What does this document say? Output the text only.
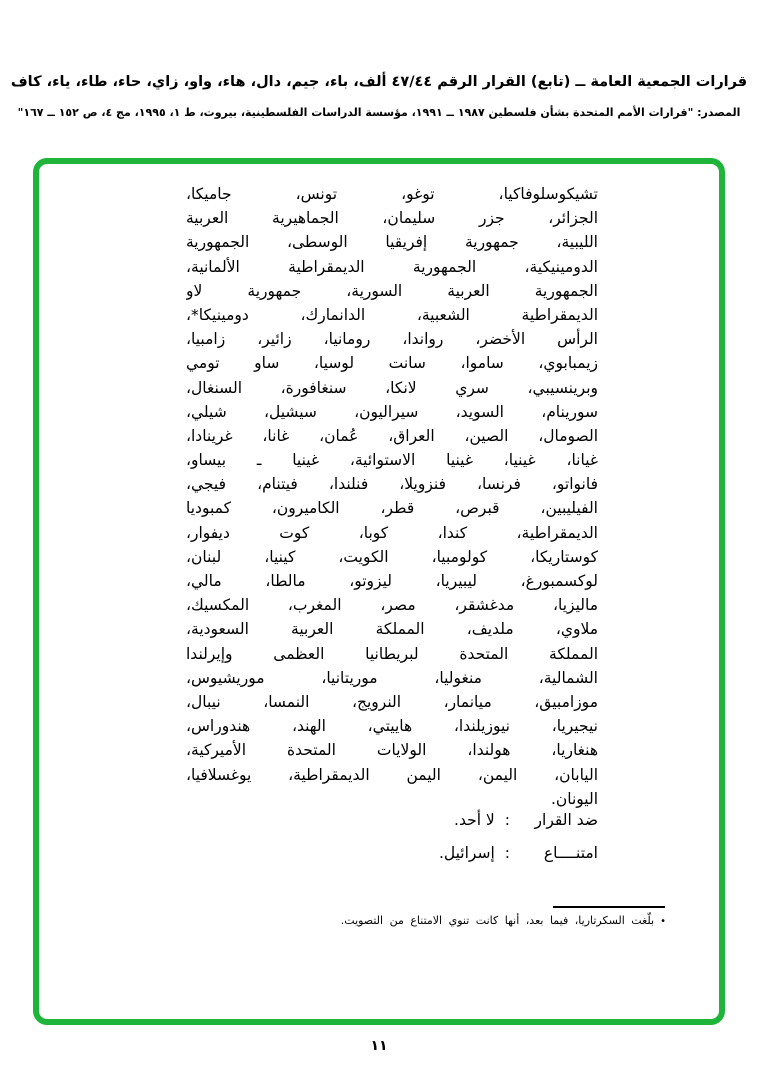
قرارات الجمعية العامة ــ (تابع) القرار الرقم ٤٧/٤٤ ألف، باء، جيم، دال، هاء، واو، زاي، حاء، طاء، ياء، كاف
المصدر: "قرارات الأمم المتحدة بشأن فلسطين ١٩٨٧ ــ ١٩٩١، مؤسسة الدراسات الفلسطينية، بيروت، ط ١، ١٩٩٥، مج ٤، ص ١٥٢ ــ ١٦٧"
تشيكوسلوفاكيا، توغو، تونس، جاميكا،
الجزائر، جزر سليمان، الجماهيرية العربية
الليبية، جمهورية إفريقيا الوسطى، الجمهورية
الدومينيكية، الجمهورية الديمقراطية الألمانية،
الجمهورية العربية السورية، جمهورية لاو
الديمقراطية الشعبية، الدانمارك، دومينيكا*،
الرأس الأخضر، رواندا، رومانيا، زائير، زامبيا،
زيمبابوي، ساموا، سانت لوسيا، ساو تومي
وبرينسيبي، سري لانكا، سنغافورة، السنغال،
سورينام، السويد، سيراليون، سيشيل، شيلي،
الصومال، الصين، العراق، عُمان، غانا، غرينادا،
غيانا، غينيا، غينيا الاستوائية، غينيا ـ بيساو،
فانواتو، فرنسا، فنزويلا، فنلندا، فيتنام، فيجي،
الفيليبين، قبرص، قطر، الكاميرون، كمبوديا
الديمقراطية، كندا، كوبا، كوت ديفوار،
كوستاريكا، كولومبيا، الكويت، كينيا، لبنان،
لوكسمبورغ، ليبيريا، ليزوتو، مالطا، مالي،
ماليزيا، مدغشقر، مصر، المغرب، المكسيك،
ملاوي، ملديف، المملكة العربية السعودية،
المملكة المتحدة لبريطانيا العظمى وإيرلندا
الشمالية، منغوليا، موريتانيا، موريشيوس،
موزامبيق، ميانمار، النرويج، النمسا، نيبال،
نيجيريا، نيوزيلندا، هاييتي، الهند، هندوراس،
هنغاريا، هولندا، الولايات المتحدة الأميركية،
اليابان، اليمن، اليمن الديمقراطية، يوغسلافيا،
اليونان.
ضد القرار
:
لا أحد.
امتنــــاع
:
إسرائيل.
•بلّغت السكرتاريا، فيما بعد، أنها كانت تنوي الامتناع من التصويت.
١١
